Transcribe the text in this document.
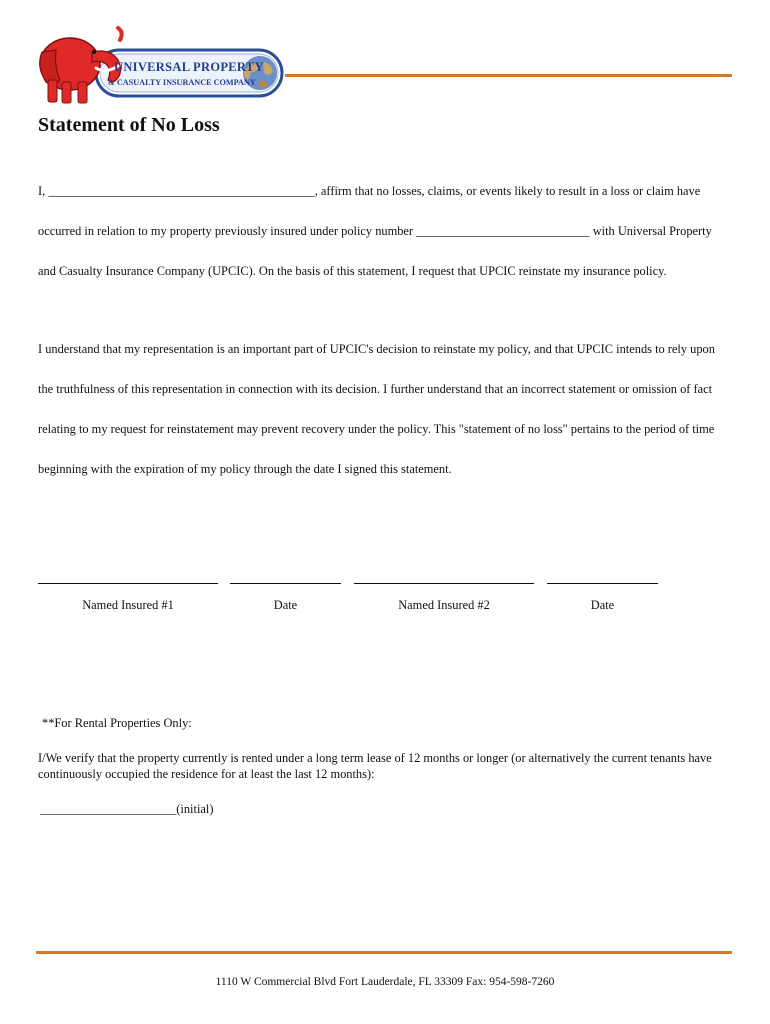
UNIVERSAL PROPERTY
& CASUALTY INSURANCE COMPANY
Statement of No Loss
I, ___________________________________________, affirm that no losses, claims, or events likely to result in a loss or claim have
occurred in relation to my property previously insured under policy number ____________________________ with Universal Property
and Casualty Insurance Company (UPCIC). On the basis of this statement, I request that UPCIC reinstate my insurance policy.
I understand that my representation is an important part of UPCIC's decision to reinstate my policy, and that UPCIC intends to rely upon
the truthfulness of this representation in connection with its decision. I further understand that an incorrect statement or omission of fact
relating to my request for reinstatement may prevent recovery under the policy. This "statement of no loss" pertains to the period of time
beginning with the expiration of my policy through the date I signed this statement.
Named Insured #1	Date	Named Insured #2	Date
**For Rental Properties Only:
I/We verify that the property currently is rented under a long term lease of 12 months or longer (or alternatively the current tenants have
continuously occupied the residence for at least the last 12 months):
______________________(initial)
1110 W Commercial Blvd Fort Lauderdale, FL 33309 Fax: 954-598-7260
